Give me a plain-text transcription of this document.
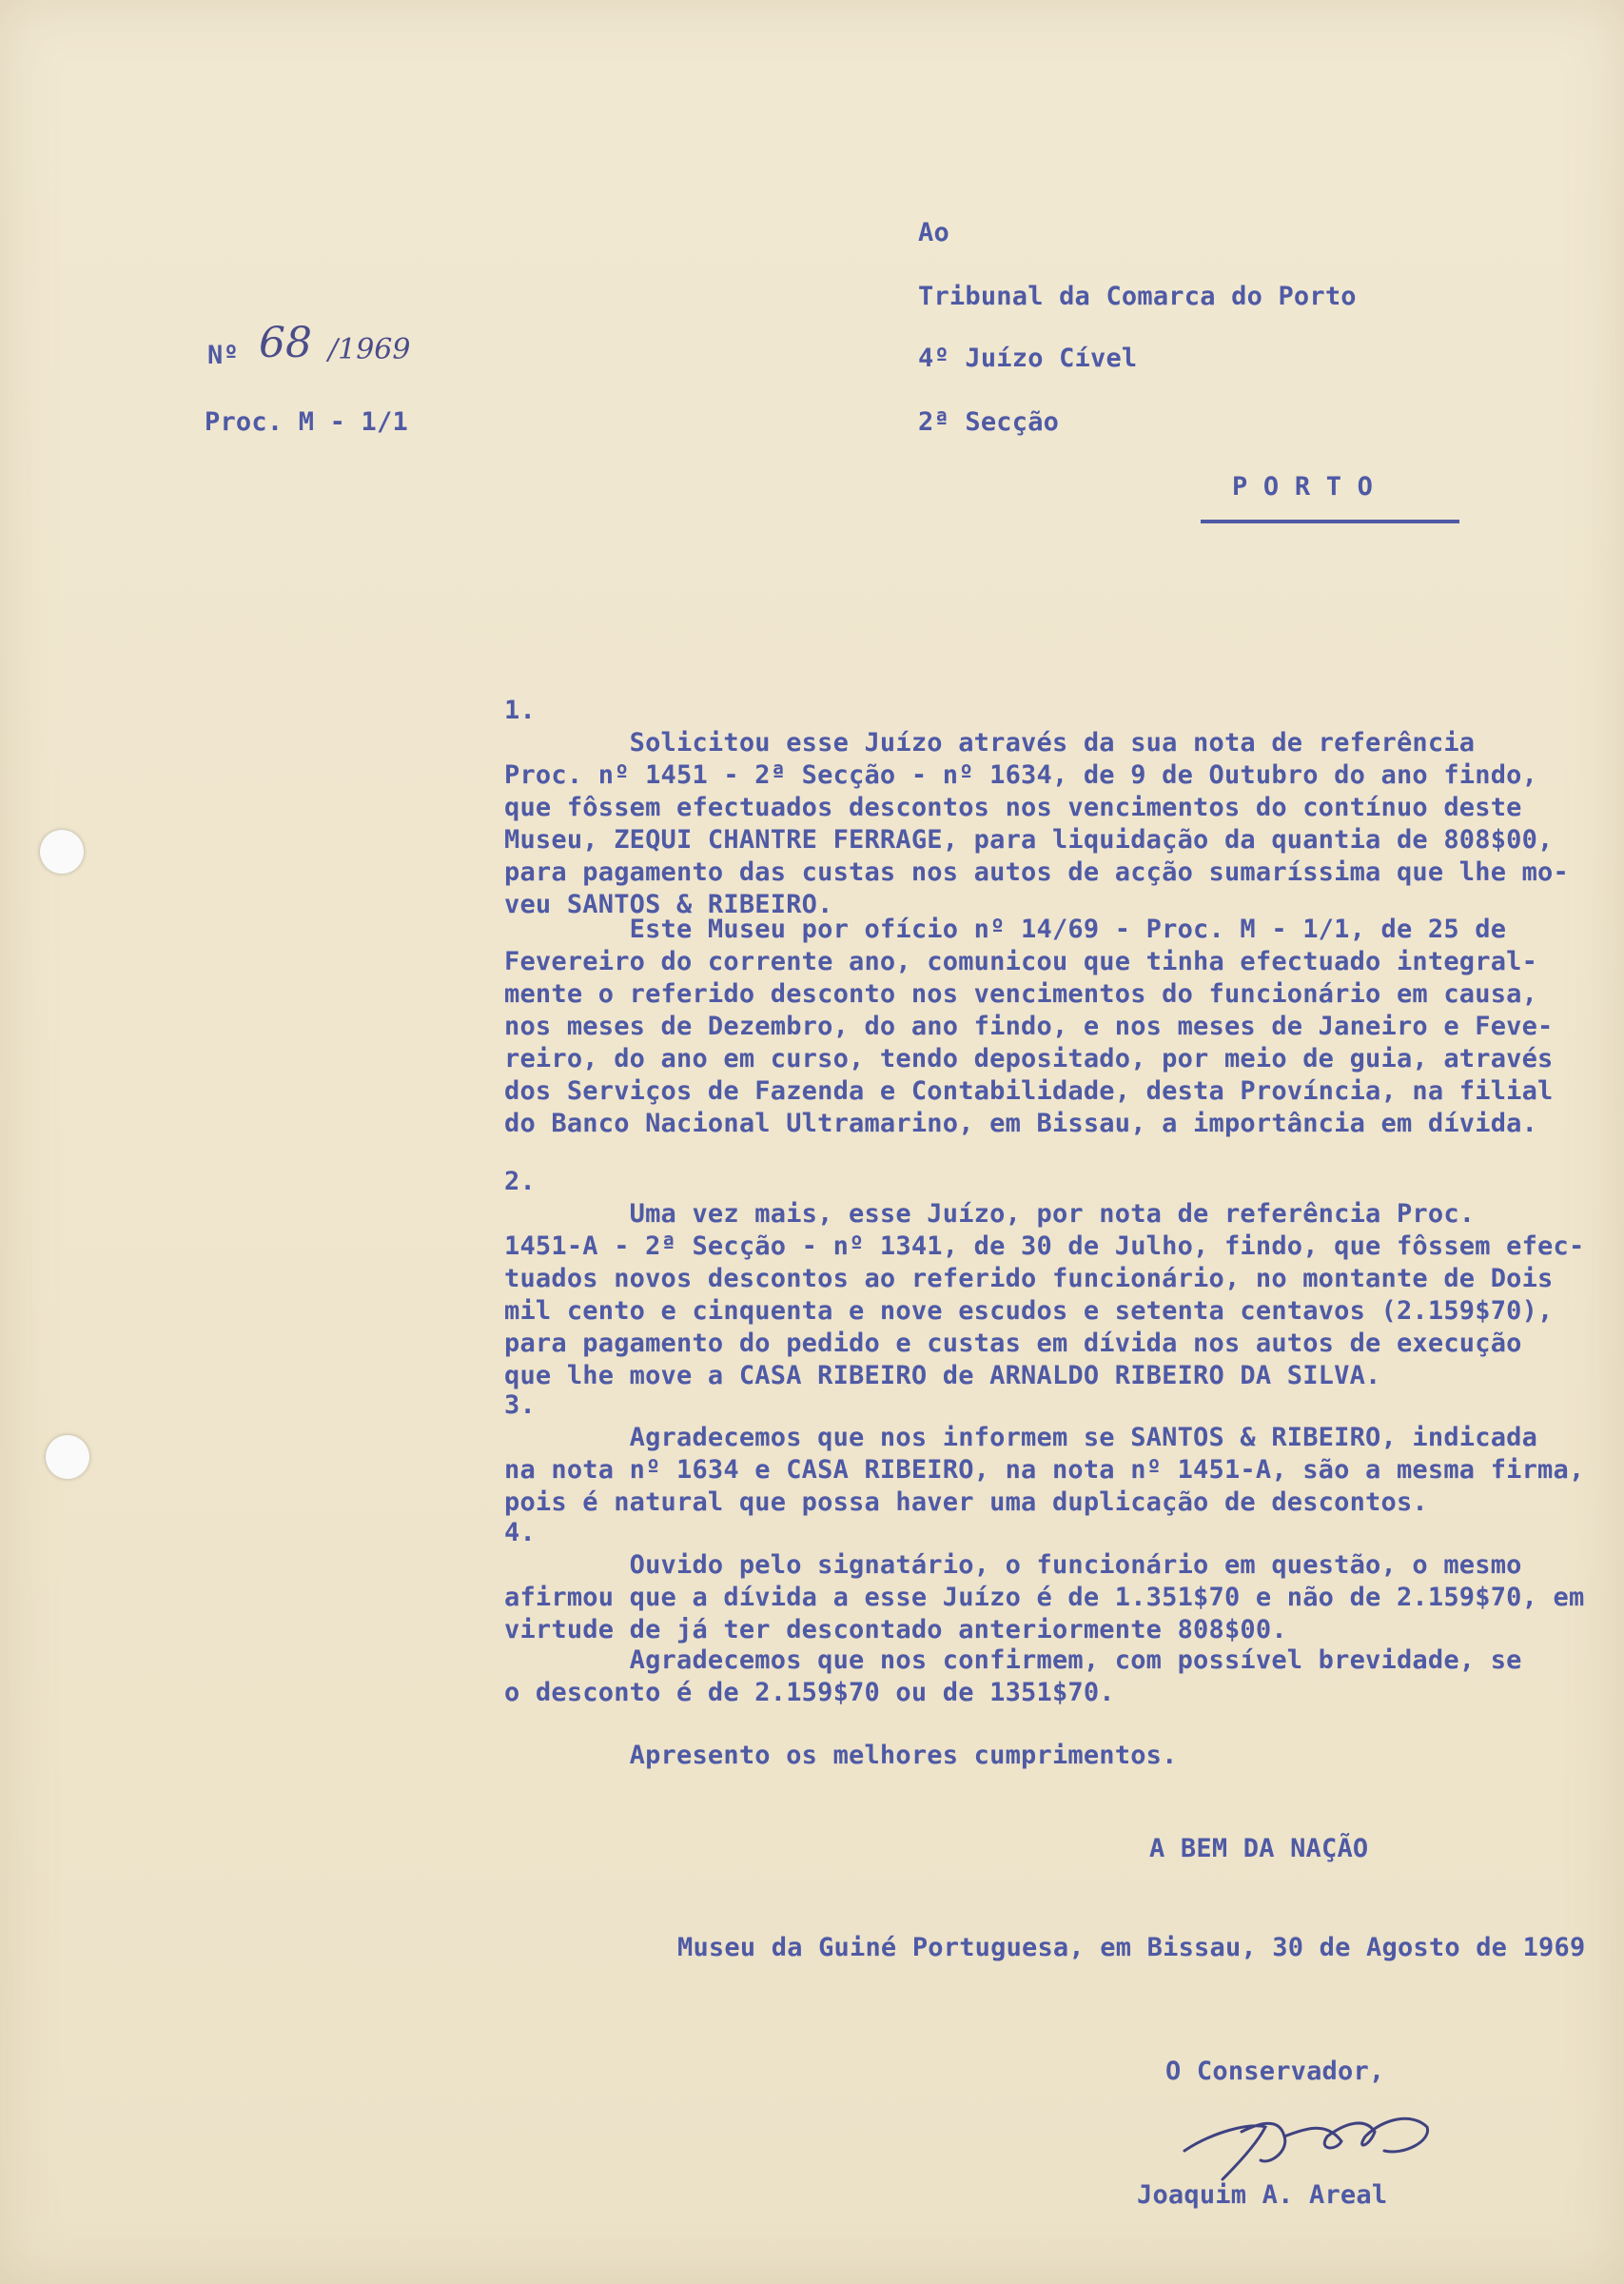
Ao
Tribunal da Comarca do Porto
4º Juízo Cível
2ª Secção
P O R T O
Nº 68 /1969
Proc. M - 1/1
1.
Solicitou esse Juízo através da sua nota de referência
Proc. nº 1451 - 2ª Secção - nº 1634, de 9 de Outubro do ano findo,
que fôssem efectuados descontos nos vencimentos do contínuo deste
Museu, ZEQUI CHANTRE FERRAGE, para liquidação da quantia de 808$00,
para pagamento das custas nos autos de acção sumaríssima que lhe mo-
veu SANTOS & RIBEIRO.
Este Museu por ofício nº 14/69 - Proc. M - 1/1, de 25 de
Fevereiro do corrente ano, comunicou que tinha efectuado integral-
mente o referido desconto nos vencimentos do funcionário em causa,
nos meses de Dezembro, do ano findo, e nos meses de Janeiro e Feve-
reiro, do ano em curso, tendo depositado, por meio de guia, através
dos Serviços de Fazenda e Contabilidade, desta Província, na filial
do Banco Nacional Ultramarino, em Bissau, a importância em dívida.
2.
Uma vez mais, esse Juízo, por nota de referência Proc.
1451-A - 2ª Secção - nº 1341, de 30 de Julho, findo, que fôssem efec-
tuados novos descontos ao referido funcionário, no montante de Dois
mil cento e cinquenta e nove escudos e setenta centavos (2.159$70),
para pagamento do pedido e custas em dívida nos autos de execução
que lhe move a CASA RIBEIRO de ARNALDO RIBEIRO DA SILVA.
3.
Agradecemos que nos informem se SANTOS & RIBEIRO, indicada
na nota nº 1634 e CASA RIBEIRO, na nota nº 1451-A, são a mesma firma,
pois é natural que possa haver uma duplicação de descontos.
4.
Ouvido pelo signatário, o funcionário em questão, o mesmo
afirmou que a dívida a esse Juízo é de 1.351$70 e não de 2.159$70, em
virtude de já ter descontado anteriormente 808$00.
Agradecemos que nos confirmem, com possível brevidade, se
o desconto é de 2.159$70 ou de 1351$70.
Apresento os melhores cumprimentos.
A BEM DA NAÇÃO
Museu da Guiné Portuguesa, em Bissau, 30 de Agosto de 1969
O Conservador,
Joaquim A. Areal
